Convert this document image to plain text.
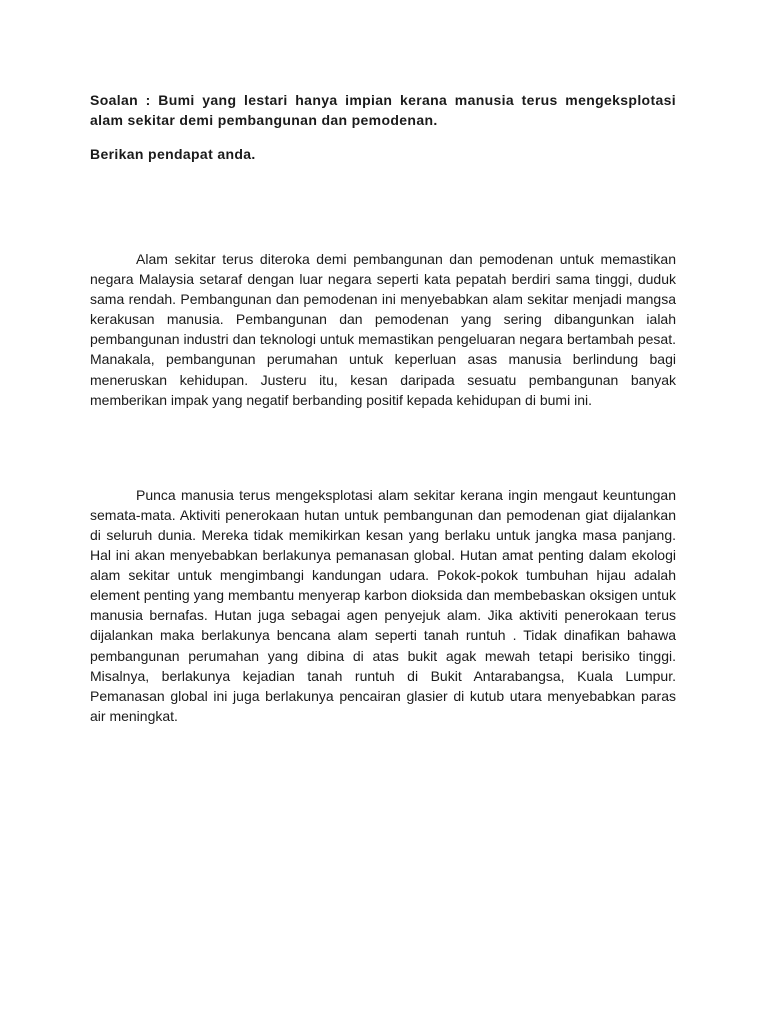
Soalan : Bumi yang lestari hanya impian kerana manusia terus mengeksplotasi alam sekitar demi pembangunan dan pemodenan.

Berikan pendapat anda.

Alam sekitar terus diteroka demi pembangunan dan pemodenan untuk memastikan negara Malaysia setaraf dengan luar negara seperti kata pepatah berdiri sama tinggi, duduk sama rendah. Pembangunan dan pemodenan ini menyebabkan alam sekitar menjadi mangsa kerakusan manusia. Pembangunan dan pemodenan yang sering dibangunkan ialah pembangunan industri dan teknologi untuk memastikan pengeluaran negara bertambah pesat. Manakala, pembangunan perumahan untuk keperluan asas manusia berlindung bagi meneruskan kehidupan. Justeru itu, kesan daripada sesuatu pembangunan banyak memberikan impak yang negatif berbanding positif kepada kehidupan di bumi ini.

Punca manusia terus mengeksplotasi alam sekitar kerana ingin mengaut keuntungan semata-mata. Aktiviti penerokaan hutan untuk pembangunan dan pemodenan giat dijalankan di seluruh dunia. Mereka tidak memikirkan kesan yang berlaku untuk jangka masa panjang. Hal ini akan menyebabkan berlakunya pemanasan global. Hutan amat penting dalam ekologi alam sekitar untuk mengimbangi kandungan udara. Pokok-pokok tumbuhan hijau adalah element penting yang membantu menyerap karbon dioksida dan membebaskan oksigen untuk manusia bernafas. Hutan juga sebagai agen penyejuk alam. Jika aktiviti penerokaan terus dijalankan maka berlakunya bencana alam seperti tanah runtuh . Tidak dinafikan bahawa pembangunan perumahan yang dibina di atas bukit agak mewah tetapi berisiko tinggi. Misalnya, berlakunya kejadian tanah runtuh di Bukit Antarabangsa, Kuala Lumpur. Pemanasan global ini juga berlakunya pencairan glasier di kutub utara menyebabkan paras air meningkat.
